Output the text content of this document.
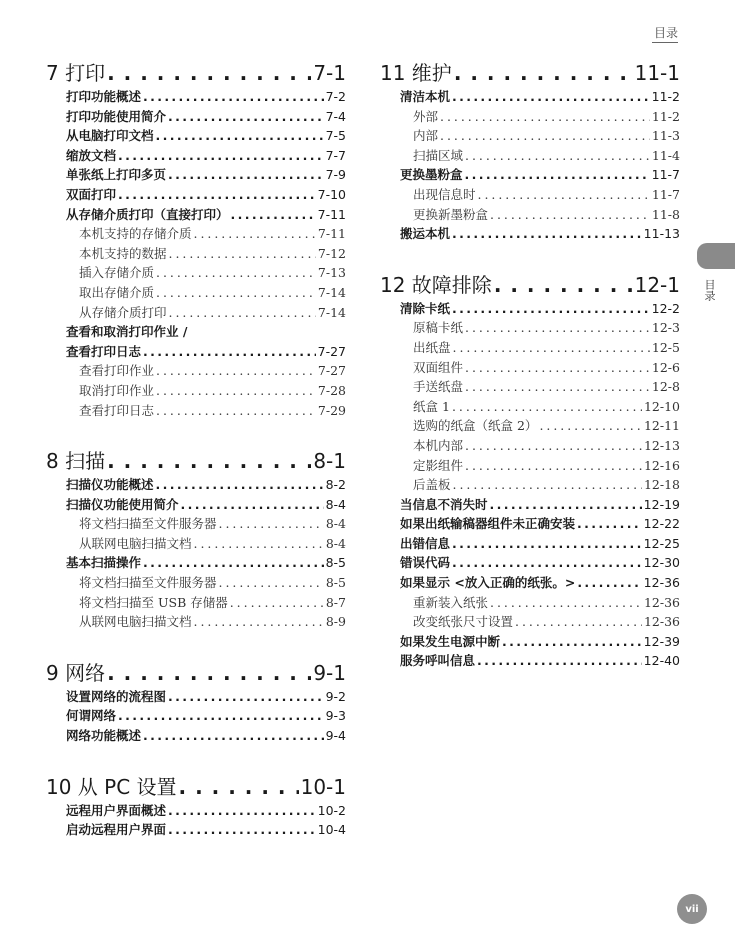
目录
7 打印 . . .	7-1
打印功能概述 . . .	7-2
打印功能使用简介 . . .	7-4
从电脑打印文档 . . .	7-5
缩放文档 . . .	7-7
单张纸上打印多页 . . .	7-9
双面打印 . . .	7-10
从存储介质打印（直接打印） . . .	7-11
本机支持的存储介质 . . .	7-11
本机支持的数据 . . .	7-12
插入存储介质 . . .	7-13
取出存储介质 . . .	7-14
从存储介质打印 . . .	7-14
查看和取消打印作业 /
查看打印日志 . . .	7-27
查看打印作业 . . .	7-27
取消打印作业 . . .	7-28
查看打印日志 . . .	7-29
8 扫描 . . .	8-1
扫描仪功能概述 . . .	8-2
扫描仪功能使用简介 . . .	8-4
将文档扫描至文件服务器 . . .	8-4
从联网电脑扫描文档 . . .	8-4
基本扫描操作 . . .	8-5
将文档扫描至文件服务器 . . .	8-5
将文档扫描至 USB 存储器 . . .	8-7
从联网电脑扫描文档 . . .	8-9
9 网络 . . .	9-1
设置网络的流程图 . . .	9-2
何谓网络 . . .	9-3
网络功能概述 . . .	9-4
10 从 PC 设置 . . .	10-1
远程用户界面概述 . . .	10-2
启动远程用户界面 . . .	10-4
11 维护 . . .	11-1
清洁本机 . . .	11-2
外部 . . .	11-2
内部 . . .	11-3
扫描区域 . . .	11-4
更换墨粉盒 . . .	11-7
出现信息时 . . .	11-7
更换新墨粉盒 . . .	11-8
搬运本机 . . .	11-13
12 故障排除 . . .	12-1
清除卡纸 . . .	12-2
原稿卡纸 . . .	12-3
出纸盘 . . .	12-5
双面组件 . . .	12-6
手送纸盘 . . .	12-8
纸盒 1 . . .	12-10
选购的纸盒（纸盒 2） . . .	12-11
本机内部 . . .	12-13
定影组件 . . .	12-16
后盖板 . . .	12-18
当信息不消失时 . . .	12-19
如果出纸输稿器组件未正确安装 . . .	12-22
出错信息 . . .	12-25
错误代码 . . .	12-30
如果显示 <放入正确的纸张。> . . .	12-36
重新装入纸张 . . .	12-36
改变纸张尺寸设置 . . .	12-36
如果发生电源中断 . . .	12-39
服务呼叫信息 . . .	12-40
目录
vii
